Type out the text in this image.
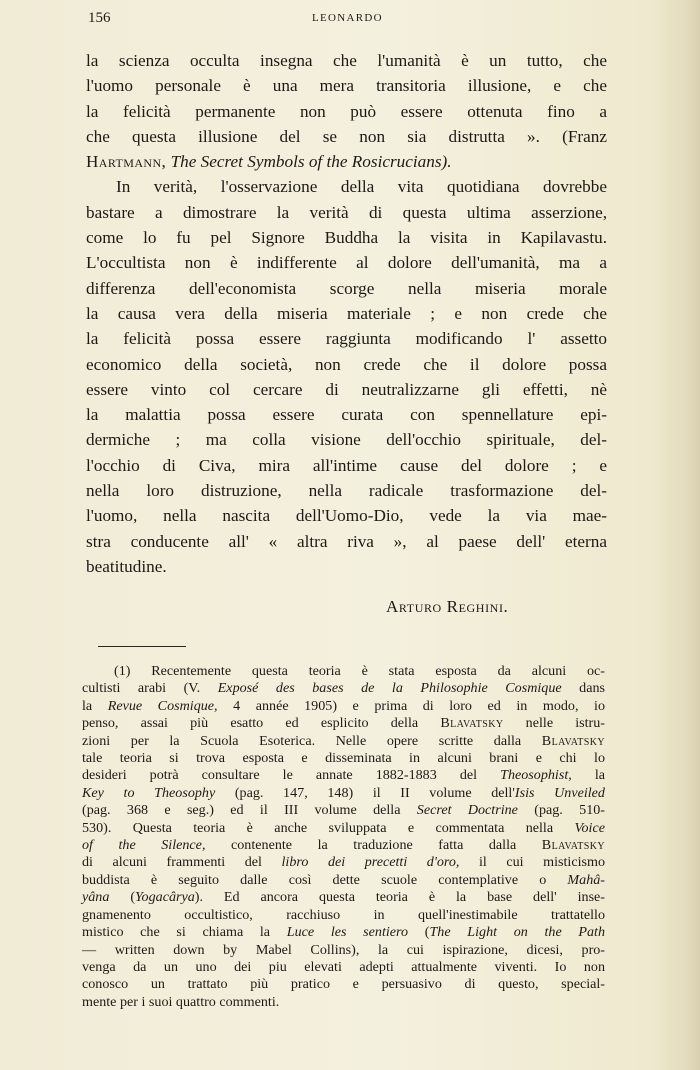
156	LEONARDO
la scienza occulta insegna che l'umanità è un tutto, che
l'uomo personale è una mera transitoria illusione, e che
la felicità permanente non può essere ottenuta fino a
che questa illusione del se non sia distrutta ». (Franz
Hartmann, The Secret Symbols of the Rosicrucians).
In verità, l'osservazione della vita quotidiana dovrebbe
bastare a dimostrare la verità di questa ultima asserzione,
come lo fu pel Signore Buddha la visita in Kapilavastu.
L'occultista non è indifferente al dolore dell'umanità, ma a
differenza dell'economista scorge nella miseria morale
la causa vera della miseria materiale ; e non crede che
la felicità possa essere raggiunta modificando l' assetto
economico della società, non crede che il dolore possa
essere vinto col cercare di neutralizzarne gli effetti, nè
la malattia possa essere curata con spennellature epi-
dermiche ; ma colla visione dell'occhio spirituale, del-
l'occhio di Civa, mira all'intime cause del dolore ; e
nella loro distruzione, nella radicale trasformazione del-
l'uomo, nella nascita dell'Uomo-Dio, vede la via mae-
stra conducente all' « altra riva », al paese dell' eterna
beatitudine.
Arturo Reghini.
(1) Recentemente questa teoria è stata esposta da alcuni oc-
cultisti arabi (V. Exposé des bases de la Philosophie Cosmique dans
la Revue Cosmique, 4 année 1905) e prima di loro ed in modo, io
penso, assai più esatto ed esplicito della Blavatsky nelle istru-
zioni per la Scuola Esoterica. Nelle opere scritte dalla Blavatsky
tale teoria si trova esposta e disseminata in alcuni brani e chi lo
desideri potrà consultare le annate 1882-1883 del Theosophist, la
Key to Theosophy (pag. 147, 148) il II volume dell'Isis Unveiled
(pag. 368 e seg.) ed il III volume della Secret Doctrine (pag. 510-
530). Questa teoria è anche sviluppata e commentata nella Voice
of the Silence, contenente la traduzione fatta dalla Blavatsky
di alcuni frammenti del libro dei precetti d'oro, il cui misticismo
buddista è seguito dalle così dette scuole contemplative o Mahâ-
yâna (Yogacârya). Ed ancora questa teoria è la base dell' inse-
gnamenento occultistico, racchiuso in quell'inestimabile trattatello
mistico che si chiama la Luce les sentiero (The Light on the Path
— written down by Mabel Collins), la cui ispirazione, dicesi, pro-
venga da un uno dei piu elevati adepti attualmente viventi. Io non
conosco un trattato più pratico e persuasivo di questo, special-
mente per i suoi quattro commenti.
